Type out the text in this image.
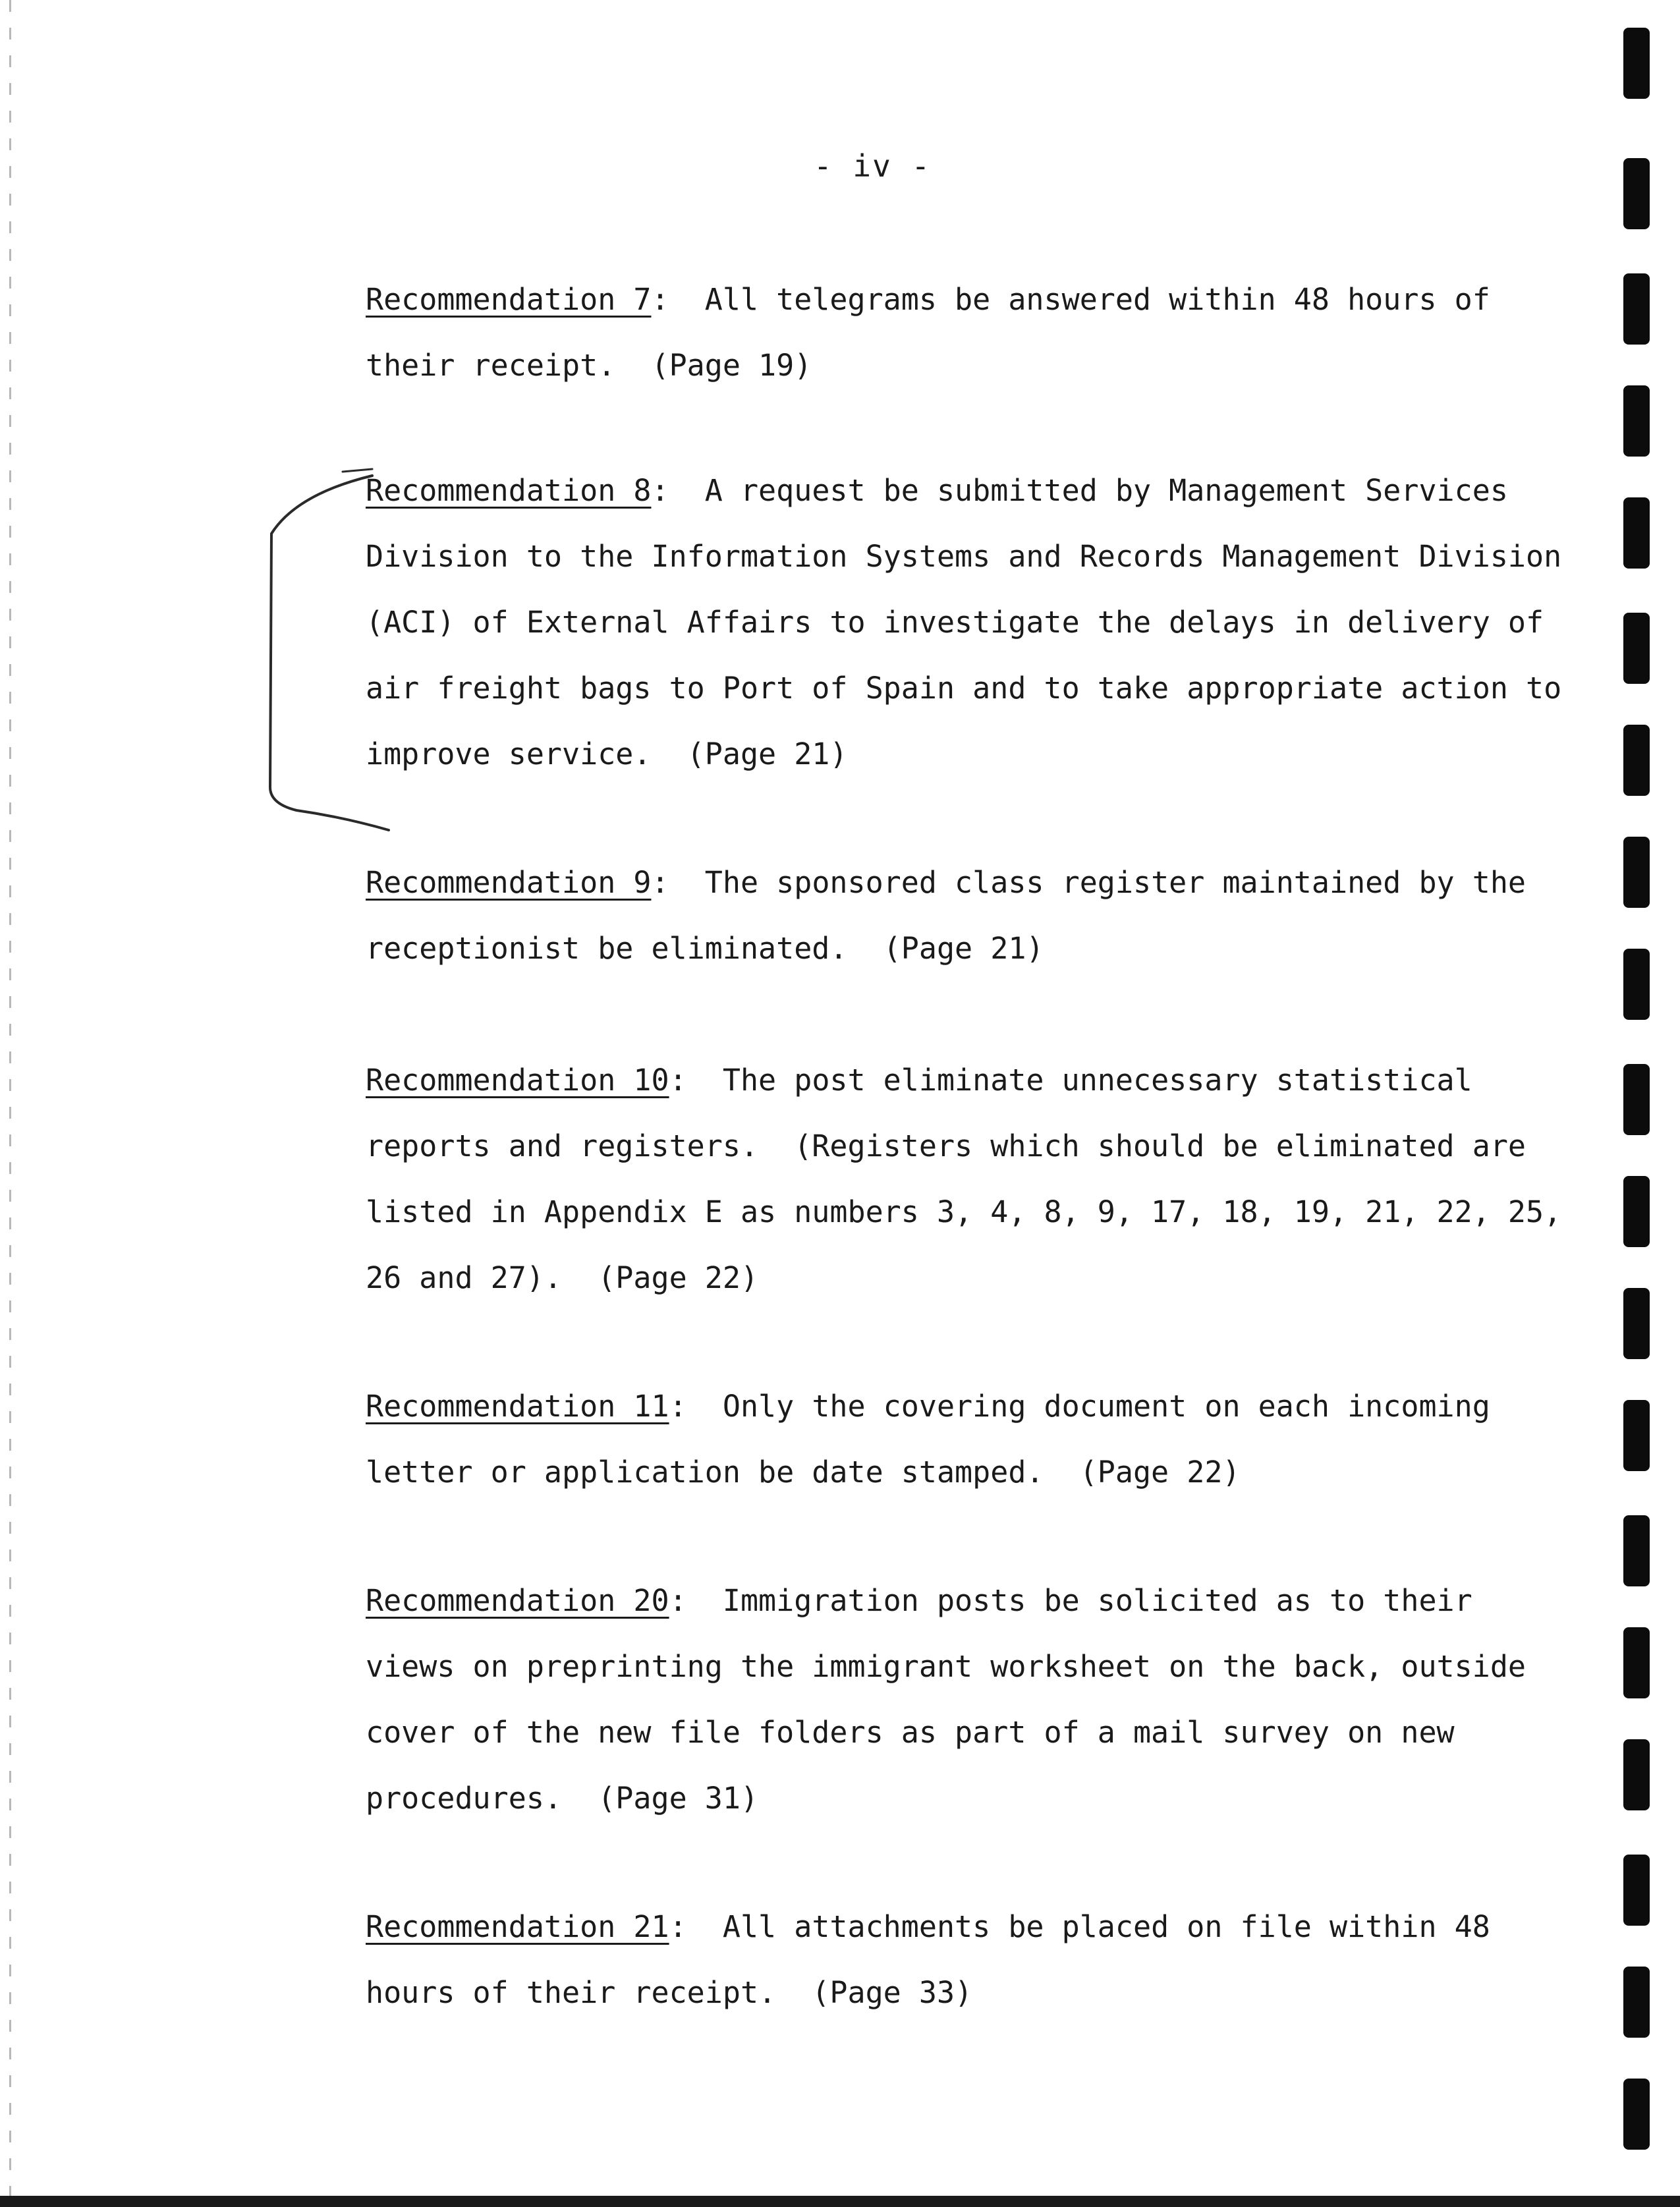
- iv -
Recommendation 7:  All telegrams be answered within 48 hours of
their receipt.  (Page 19)
Recommendation 8:  A request be submitted by Management Services
Division to the Information Systems and Records Management Division
(ACI) of External Affairs to investigate the delays in delivery of
air freight bags to Port of Spain and to take appropriate action to
improve service.  (Page 21)
Recommendation 9:  The sponsored class register maintained by the
receptionist be eliminated.  (Page 21)
Recommendation 10:  The post eliminate unnecessary statistical
reports and registers.  (Registers which should be eliminated are
listed in Appendix E as numbers 3, 4, 8, 9, 17, 18, 19, 21, 22, 25,
26 and 27).  (Page 22)
Recommendation 11:  Only the covering document on each incoming
letter or application be date stamped.  (Page 22)
Recommendation 20:  Immigration posts be solicited as to their
views on preprinting the immigrant worksheet on the back, outside
cover of the new file folders as part of a mail survey on new
procedures.  (Page 31)
Recommendation 21:  All attachments be placed on file within 48
hours of their receipt.  (Page 33)
